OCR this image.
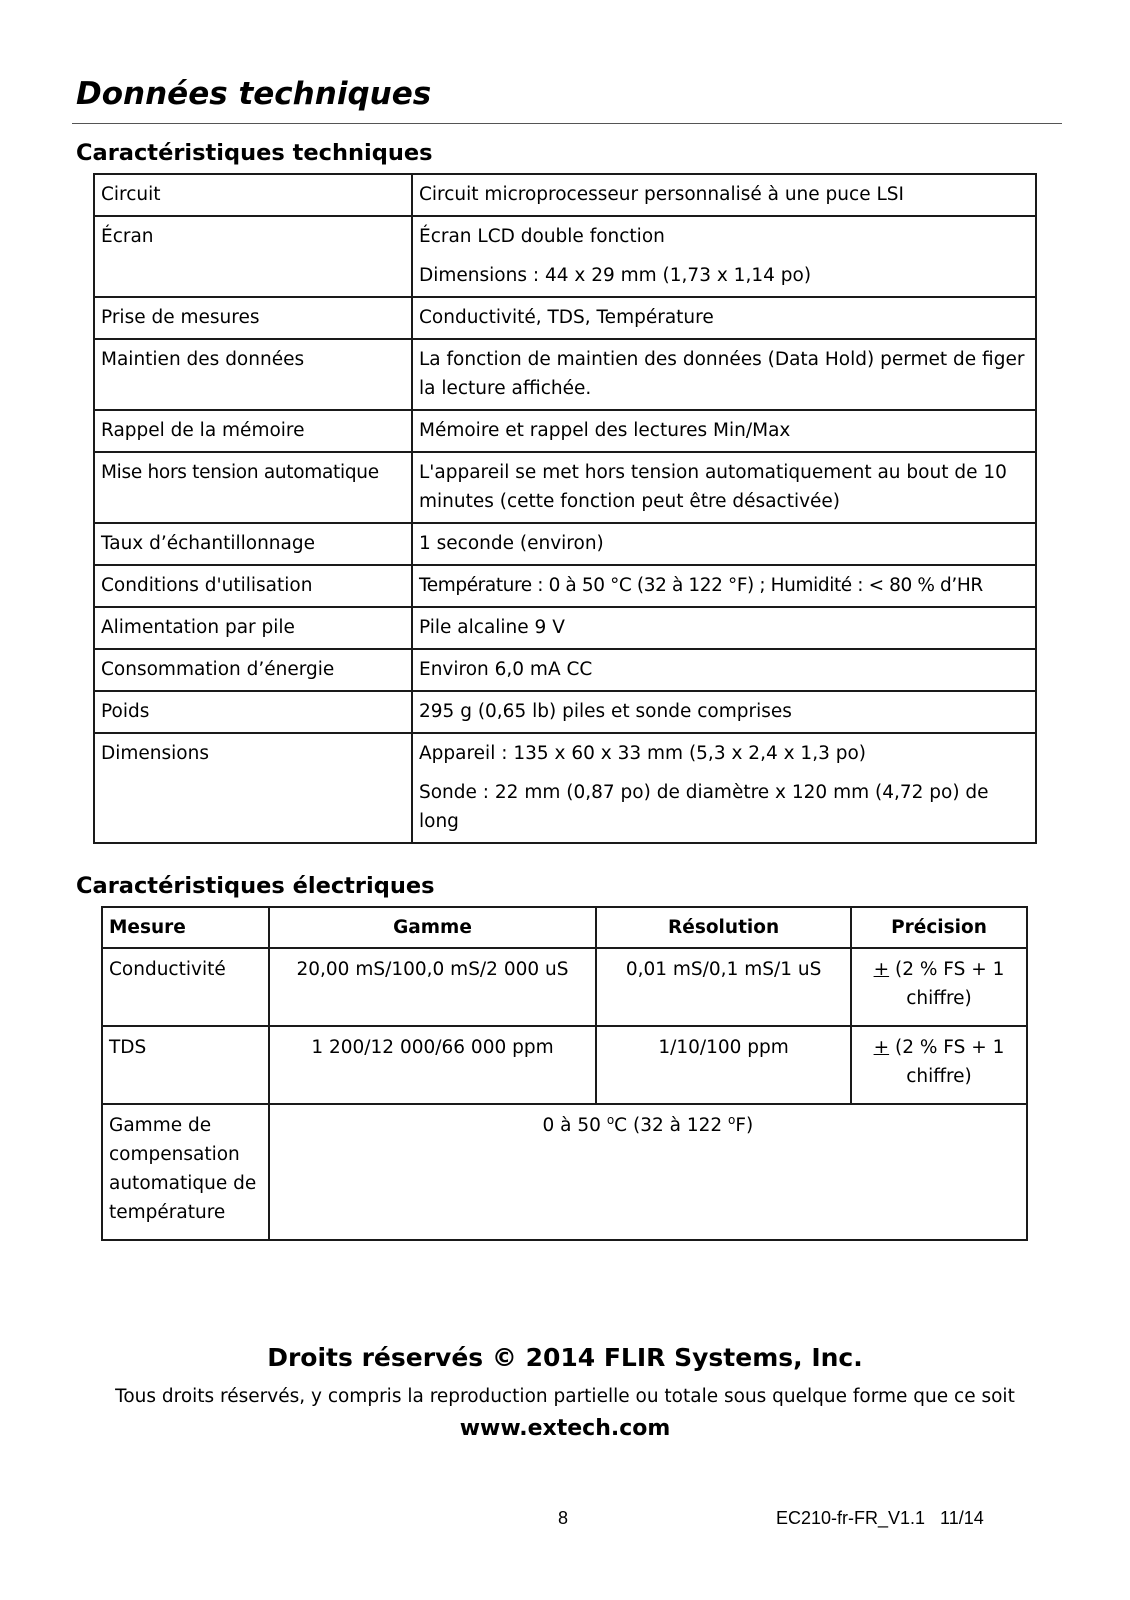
Données techniques
Caractéristiques techniques
Circuit	Circuit microprocesseur personnalisé à une puce LSI

Écran	Écran LCD double fonction
Dimensions : 44 x 29 mm (1,73 x 1,14 po)

Prise de mesures	Conductivité, TDS, Température

Maintien des données	La fonction de maintien des données (Data Hold) permet de figer la lecture affichée.

Rappel de la mémoire	Mémoire et rappel des lectures Min/Max

Mise hors tension automatique	L'appareil se met hors tension automatiquement au bout de 10 minutes (cette fonction peut être désactivée)

Taux d’échantillonnage	1 seconde (environ)

Conditions d'utilisation	Température : 0 à 50 °C (32 à 122 °F) ; Humidité : < 80 % d’HR

Alimentation par pile	Pile alcaline 9 V

Consommation d’énergie	Environ 6,0 mA CC

Poids	295 g (0,65 lb) piles et sonde comprises

Dimensions	Appareil : 135 x 60 x 33 mm (5,3 x 2,4 x 1,3 po)
Sonde : 22 mm (0,87 po) de diamètre x 120 mm (4,72 po) de long
Caractéristiques électriques
Mesure	Gamme	Résolution	Précision
Conductivité	20,00 mS/100,0 mS/2 000 uS	0,01 mS/0,1 mS/1 uS	+ (2 % FS + 1 chiffre)
TDS	1 200/12 000/66 000 ppm	1/10/100 ppm	+ (2 % FS + 1 chiffre)
Gamme de compensation automatique de température	0 à 50 $^o$C (32 à 122 $^o$F)		
Droits réservés © 2014 FLIR Systems, Inc.
Tous droits réservés, y compris la reproduction partielle ou totale sous quelque forme que ce soit
www.extech.com
8	EC210-fr-FR_V1.1   11/14
